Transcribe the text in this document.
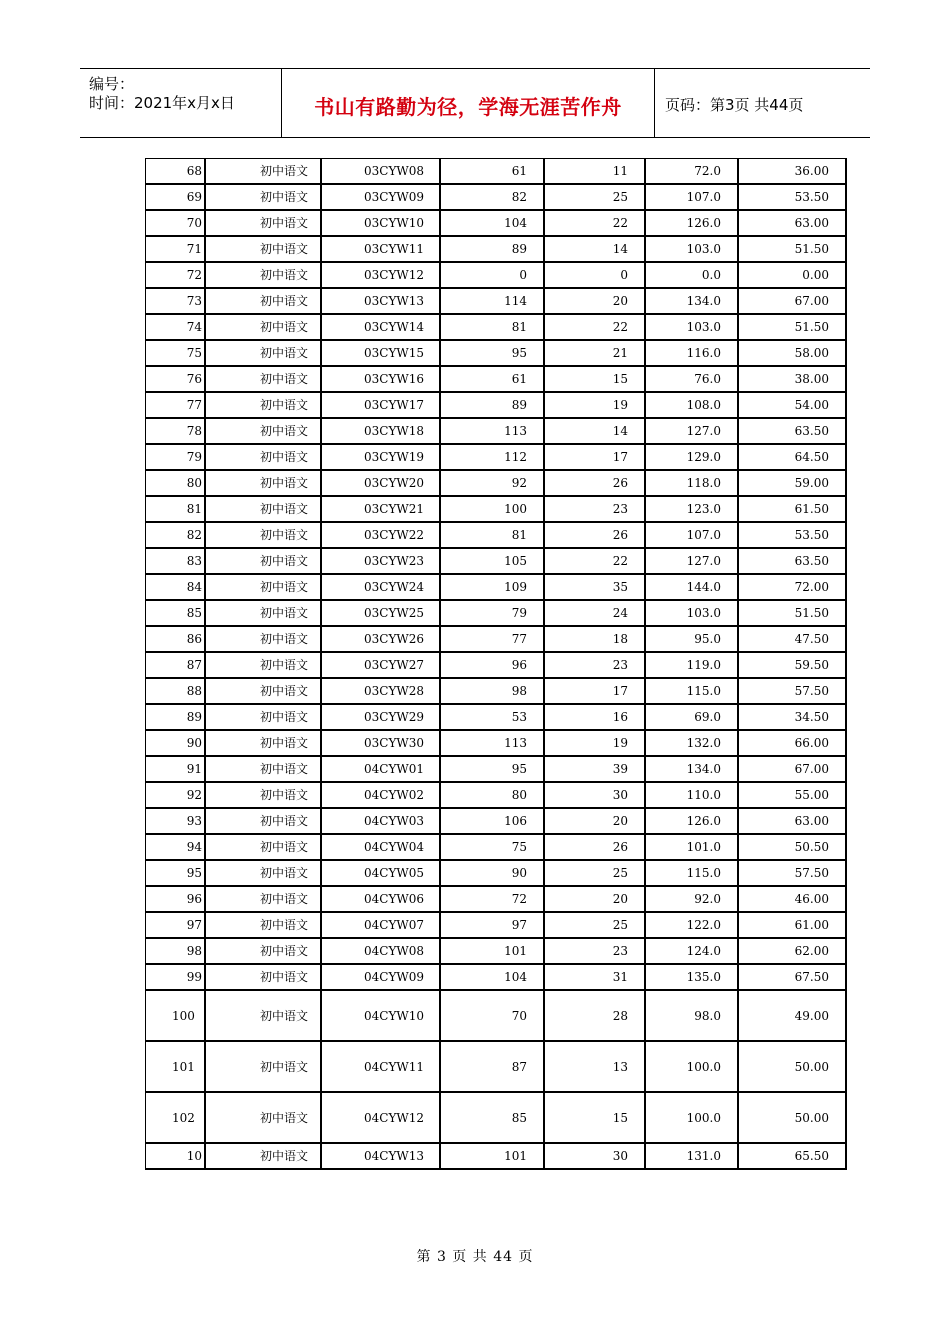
编号：
时间：2021年x月x日	书山有路勤为径，学海无涯苦作舟	页码：第3页 共44页
68	初中语文	03CYW08	61	11	72.0	36.00
69	初中语文	03CYW09	82	25	107.0	53.50
70	初中语文	03CYW10	104	22	126.0	63.00
71	初中语文	03CYW11	89	14	103.0	51.50
72	初中语文	03CYW12	0	0	0.0	0.00
73	初中语文	03CYW13	114	20	134.0	67.00
74	初中语文	03CYW14	81	22	103.0	51.50
75	初中语文	03CYW15	95	21	116.0	58.00
76	初中语文	03CYW16	61	15	76.0	38.00
77	初中语文	03CYW17	89	19	108.0	54.00
78	初中语文	03CYW18	113	14	127.0	63.50
79	初中语文	03CYW19	112	17	129.0	64.50
80	初中语文	03CYW20	92	26	118.0	59.00
81	初中语文	03CYW21	100	23	123.0	61.50
82	初中语文	03CYW22	81	26	107.0	53.50
83	初中语文	03CYW23	105	22	127.0	63.50
84	初中语文	03CYW24	109	35	144.0	72.00
85	初中语文	03CYW25	79	24	103.0	51.50
86	初中语文	03CYW26	77	18	95.0	47.50
87	初中语文	03CYW27	96	23	119.0	59.50
88	初中语文	03CYW28	98	17	115.0	57.50
89	初中语文	03CYW29	53	16	69.0	34.50
90	初中语文	03CYW30	113	19	132.0	66.00
91	初中语文	04CYW01	95	39	134.0	67.00
92	初中语文	04CYW02	80	30	110.0	55.00
93	初中语文	04CYW03	106	20	126.0	63.00
94	初中语文	04CYW04	75	26	101.0	50.50
95	初中语文	04CYW05	90	25	115.0	57.50
96	初中语文	04CYW06	72	20	92.0	46.00
97	初中语文	04CYW07	97	25	122.0	61.00
98	初中语文	04CYW08	101	23	124.0	62.00
99	初中语文	04CYW09	104	31	135.0	67.50
100	初中语文	04CYW10	70	28	98.0	49.00
101	初中语文	04CYW11	87	13	100.0	50.00
102	初中语文	04CYW12	85	15	100.0	50.00
10	初中语文	04CYW13	101	30	131.0	65.50
第 3 页 共 44 页
